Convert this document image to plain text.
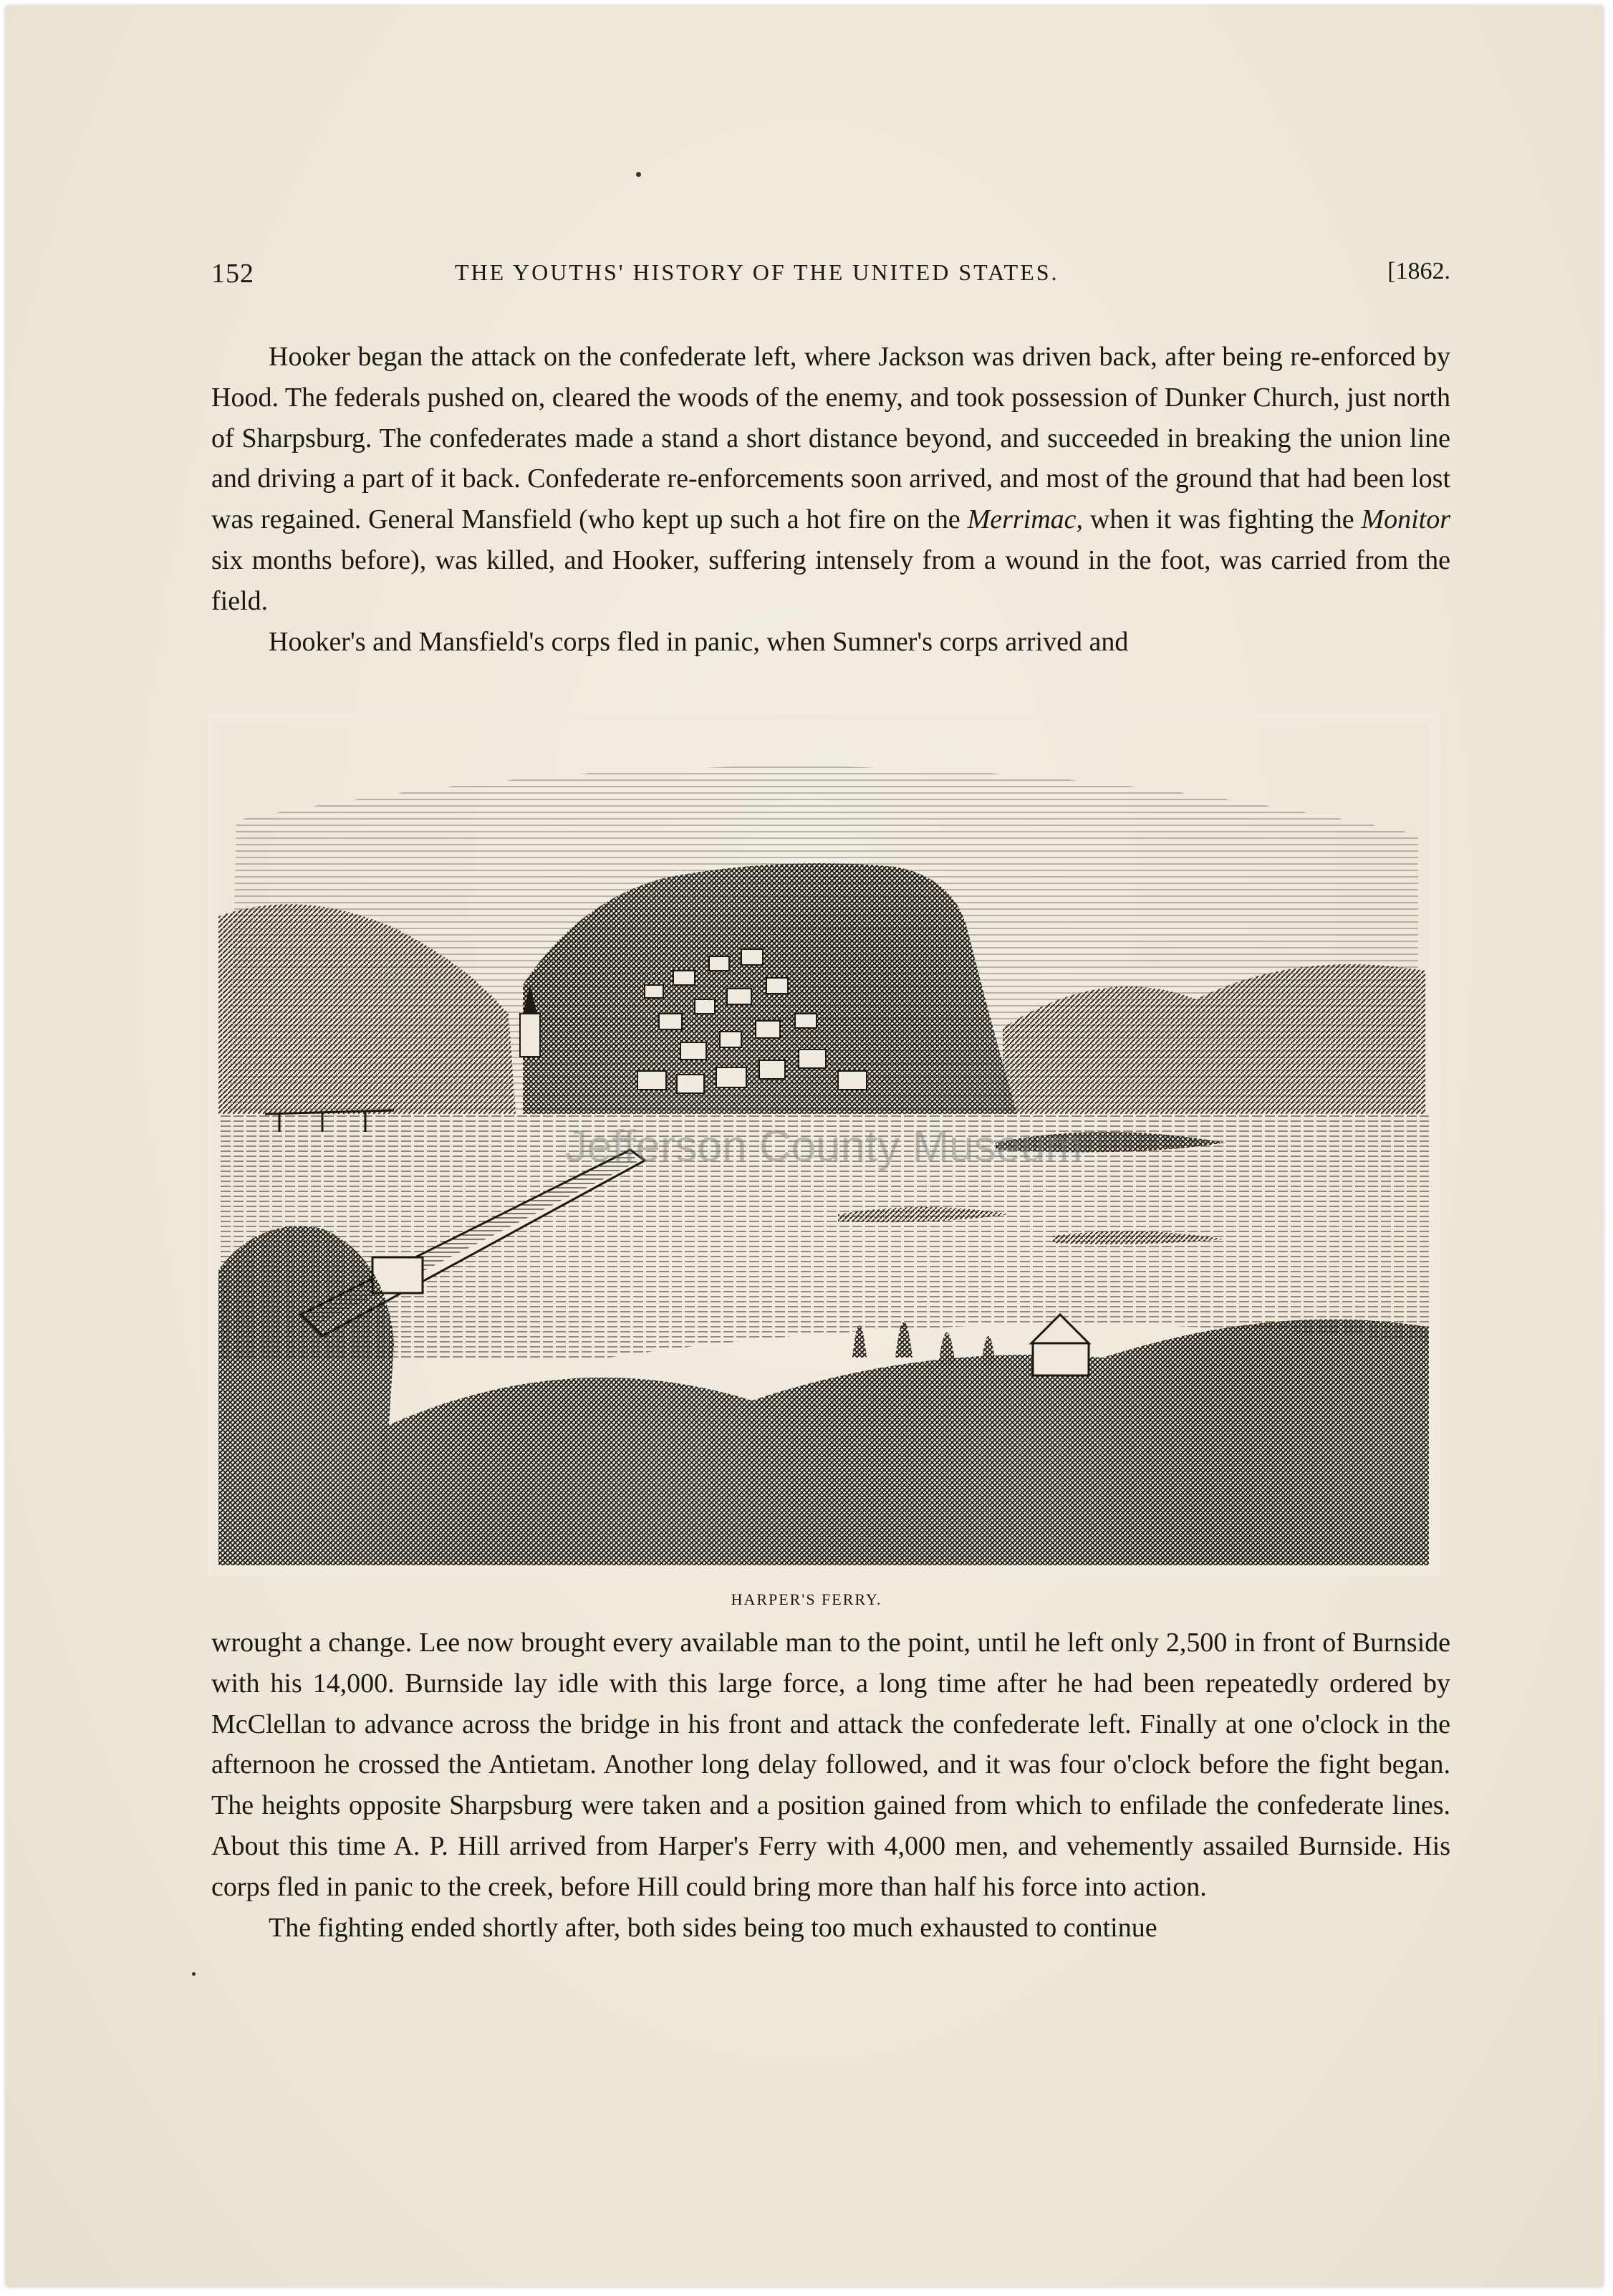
152	THE YOUTHS' HISTORY OF THE UNITED STATES.	[1862.

Hooker began the attack on the confederate left, where Jackson was driven back, after being re-enforced by Hood. The federals pushed on, cleared the woods of the enemy, and took possession of Dunker Church, just north of Sharpsburg. The confederates made a stand a short distance beyond, and succeeded in breaking the union line and driving a part of it back. Confederate re-enforcements soon arrived, and most of the ground that had been lost was regained. General Mansfield (who kept up such a hot fire on the Merrimac, when it was fighting the Monitor six months before), was killed, and Hooker, suffering intensely from a wound in the foot, was carried from the field.

Hooker's and Mansfield's corps fled in panic, when Sumner's corps arrived and

Jefferson County Museum
HARPER'S FERRY.

wrought a change. Lee now brought every available man to the point, until he left only 2,500 in front of Burnside with his 14,000. Burnside lay idle with this large force, a long time after he had been repeatedly ordered by McClellan to advance across the bridge in his front and attack the confederate left. Finally at one o'clock in the afternoon he crossed the Antietam. Another long delay followed, and it was four o'clock before the fight began. The heights opposite Sharpsburg were taken and a position gained from which to enfilade the confederate lines. About this time A. P. Hill arrived from Harper's Ferry with 4,000 men, and vehemently assailed Burnside. His corps fled in panic to the creek, before Hill could bring more than half his force into action.

The fighting ended shortly after, both sides being too much exhausted to continue
